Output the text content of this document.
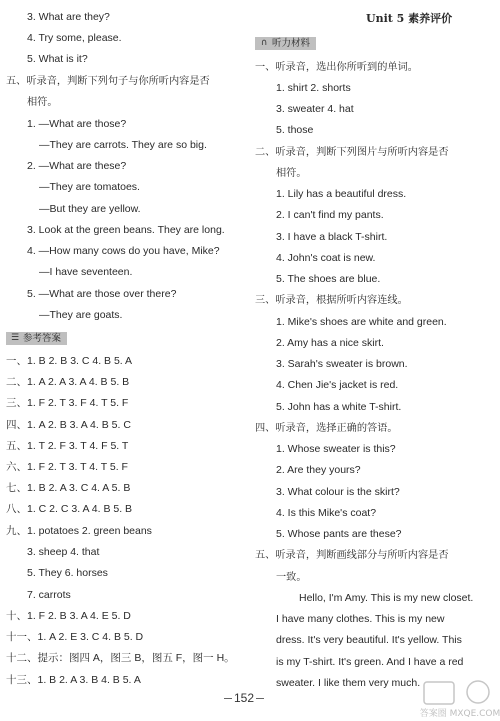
3. What are they?
4. Try some, please.
5. What is it?
五、听录音，判断下列句子与你所听内容是否
相符。
1. —What are those?
—They are carrots. They are so big.
2. —What are these?
—They are tomatoes.
—But they are yellow.
3. Look at the green beans. They are long.
4. —How many cows do you have, Mike?
—I have seventeen.
5. —What are those over there?
—They are goats.
☰ 参考答案
一、1. B 2. B 3. C 4. B 5. A
二、1. A 2. A 3. A 4. B 5. B
三、1. F 2. T 3. F 4. T 5. F
四、1. A 2. B 3. A 4. B 5. C
五、1. T 2. F 3. T 4. F 5. T
六、1. F 2. T 3. T 4. T 5. F
七、1. B 2. A 3. C 4. A 5. B
八、1. C 2. C 3. A 4. B 5. B
九、1. potatoes 2. green beans
3. sheep 4. that
5. They 6. horses
7. carrots
十、1. F 2. B 3. A 4. E 5. D
十一、1. A 2. E 3. C 4. B 5. D
十二、提示：图四 A，图三 B，图五 F，图一 H。
十三、1. B 2. A 3. B 4. B 5. A
Unit 5 素养评价
∩ 听力材料
一、听录音，选出你所听到的单词。
1. shirt 2. shorts
3. sweater 4. hat
5. those
二、听录音，判断下列图片与所听内容是否
相符。
1. Lily has a beautiful dress.
2. I can't find my pants.
3. I have a black T-shirt.
4. John's coat is new.
5. The shoes are blue.
三、听录音，根据所听内容连线。
1. Mike's shoes are white and green.
2. Amy has a nice skirt.
3. Sarah's sweater is brown.
4. Chen Jie's jacket is red.
5. John has a white T-shirt.
四、听录音，选择正确的答语。
1. Whose sweater is this?
2. Are they yours?
3. What colour is the skirt?
4. Is this Mike's coat?
5. Whose pants are these?
五、听录音，判断画线部分与所听内容是否
一致。
Hello, I'm Amy. This is my new closet.
I have many clothes. This is my new
dress. It's very beautiful. It's yellow. This
is my T-shirt. It's green. And I have a red
sweater. I like them very much.
152
答案圈 MXQE.COM
